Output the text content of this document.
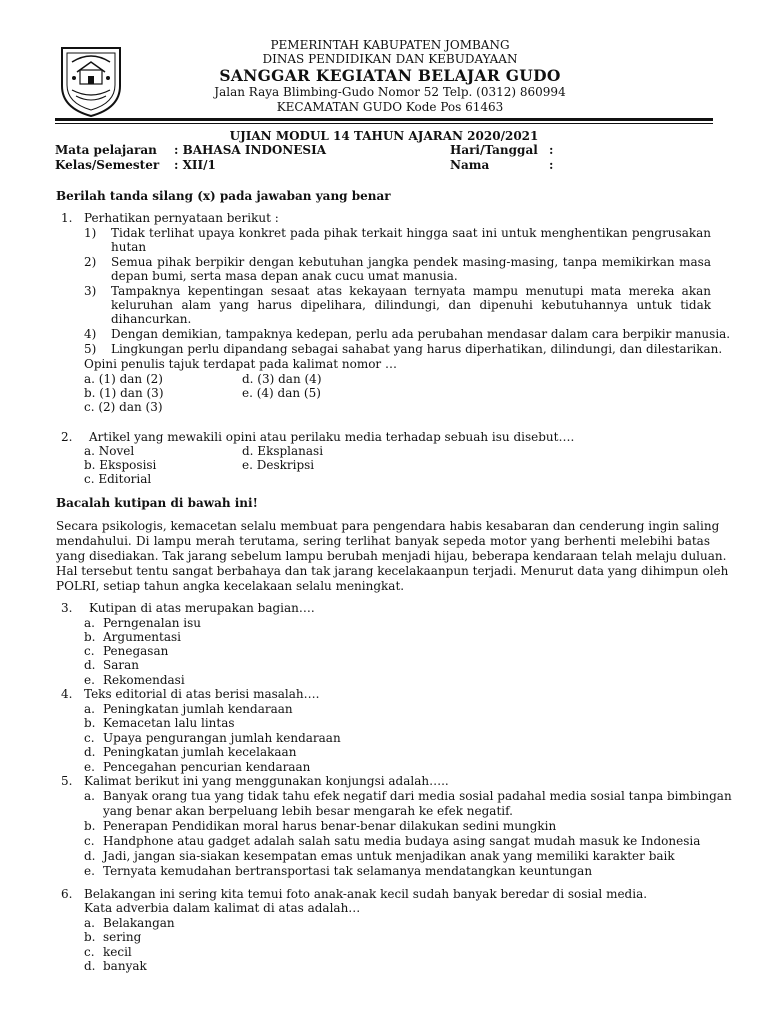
PEMERINTAH KABUPATEN JOMBANG
DINAS PENDIDIKAN DAN KEBUDAYAAN
SANGGAR KEGIATAN BELAJAR GUDO
Jalan Raya Blimbing-Gudo Nomor 52 Telp. (0312) 860994
KECAMATAN GUDO Kode Pos 61463
UJIAN MODUL 14 TAHUN AJARAN 2020/2021
Mata pelajaran : BAHASA INDONESIA	Hari/Tanggal :
Kelas/Semester : XII/1	Nama	:
Berilah tanda silang (x) pada jawaban yang benar
1. Perhatikan pernyataan berikut :
1) Tidak terlihat upaya konkret pada pihak terkait hingga saat ini untuk menghentikan pengrusakan
hutan
2) Semua pihak berpikir dengan kebutuhan jangka pendek masing-masing, tanpa memikirkan masa
depan bumi, serta masa depan anak cucu umat manusia.
3) Tampaknya kepentingan sesaat atas kekayaan ternyata mampu menutupi mata mereka akan
keluruhan alam yang harus dipelihara, dilindungi, dan dipenuhi kebutuhannya untuk tidak
dihancurkan.
4) Dengan demikian, tampaknya kedepan, perlu ada perubahan mendasar dalam cara berpikir manusia.
5) Lingkungan perlu dipandang sebagai sahabat yang harus diperhatikan, dilindungi, dan dilestarikan.
Opini penulis tajuk terdapat pada kalimat nomor …
a. (1) dan (2)	d. (3) dan (4)
b. (1) dan (3)	e. (4) dan (5)
c. (2) dan (3)
2. Artikel yang mewakili opini atau perilaku media terhadap sebuah isu disebut….
a. Novel	d. Eksplanasi
b. Eksposisi	e. Deskripsi
c. Editorial
Bacalah kutipan di bawah ini!
Secara psikologis, kemacetan selalu membuat para pengendara habis kesabaran dan cenderung ingin saling
mendahului. Di lampu merah terutama, sering terlihat banyak sepeda motor yang berhenti melebihi batas
yang disediakan. Tak jarang sebelum lampu berubah menjadi hijau, beberapa kendaraan telah melaju duluan.
Hal tersebut tentu sangat berbahaya dan tak jarang kecelakaanpun terjadi. Menurut data yang dihimpun oleh
POLRI, setiap tahun angka kecelakaan selalu meningkat.
3. Kutipan di atas merupakan bagian….
a. Perngenalan isu
b. Argumentasi
c. Penegasan
d. Saran
e. Rekomendasi
4. Teks editorial di atas berisi masalah….
a. Peningkatan jumlah kendaraan
b. Kemacetan lalu lintas
c. Upaya pengurangan jumlah kendaraan
d. Peningkatan jumlah kecelakaan
e. Pencegahan pencurian kendaraan
5. Kalimat berikut ini yang menggunakan konjungsi adalah…..
a. Banyak orang tua yang tidak tahu efek negatif dari media sosial padahal media sosial tanpa bimbingan
yang benar akan berpeluang lebih besar mengarah ke efek negatif.
b. Penerapan Pendidikan moral harus benar-benar dilakukan sedini mungkin
c. Handphone atau gadget adalah salah satu media budaya asing sangat mudah masuk ke Indonesia
d. Jadi, jangan sia-siakan kesempatan emas untuk menjadikan anak yang memiliki karakter baik
e. Ternyata kemudahan bertransportasi tak selamanya mendatangkan keuntungan
6. Belakangan ini sering kita temui foto anak-anak kecil sudah banyak beredar di sosial media.
Kata adverbia dalam kalimat di atas adalah…
a. Belakangan
b. sering
c. kecil
d. banyak
